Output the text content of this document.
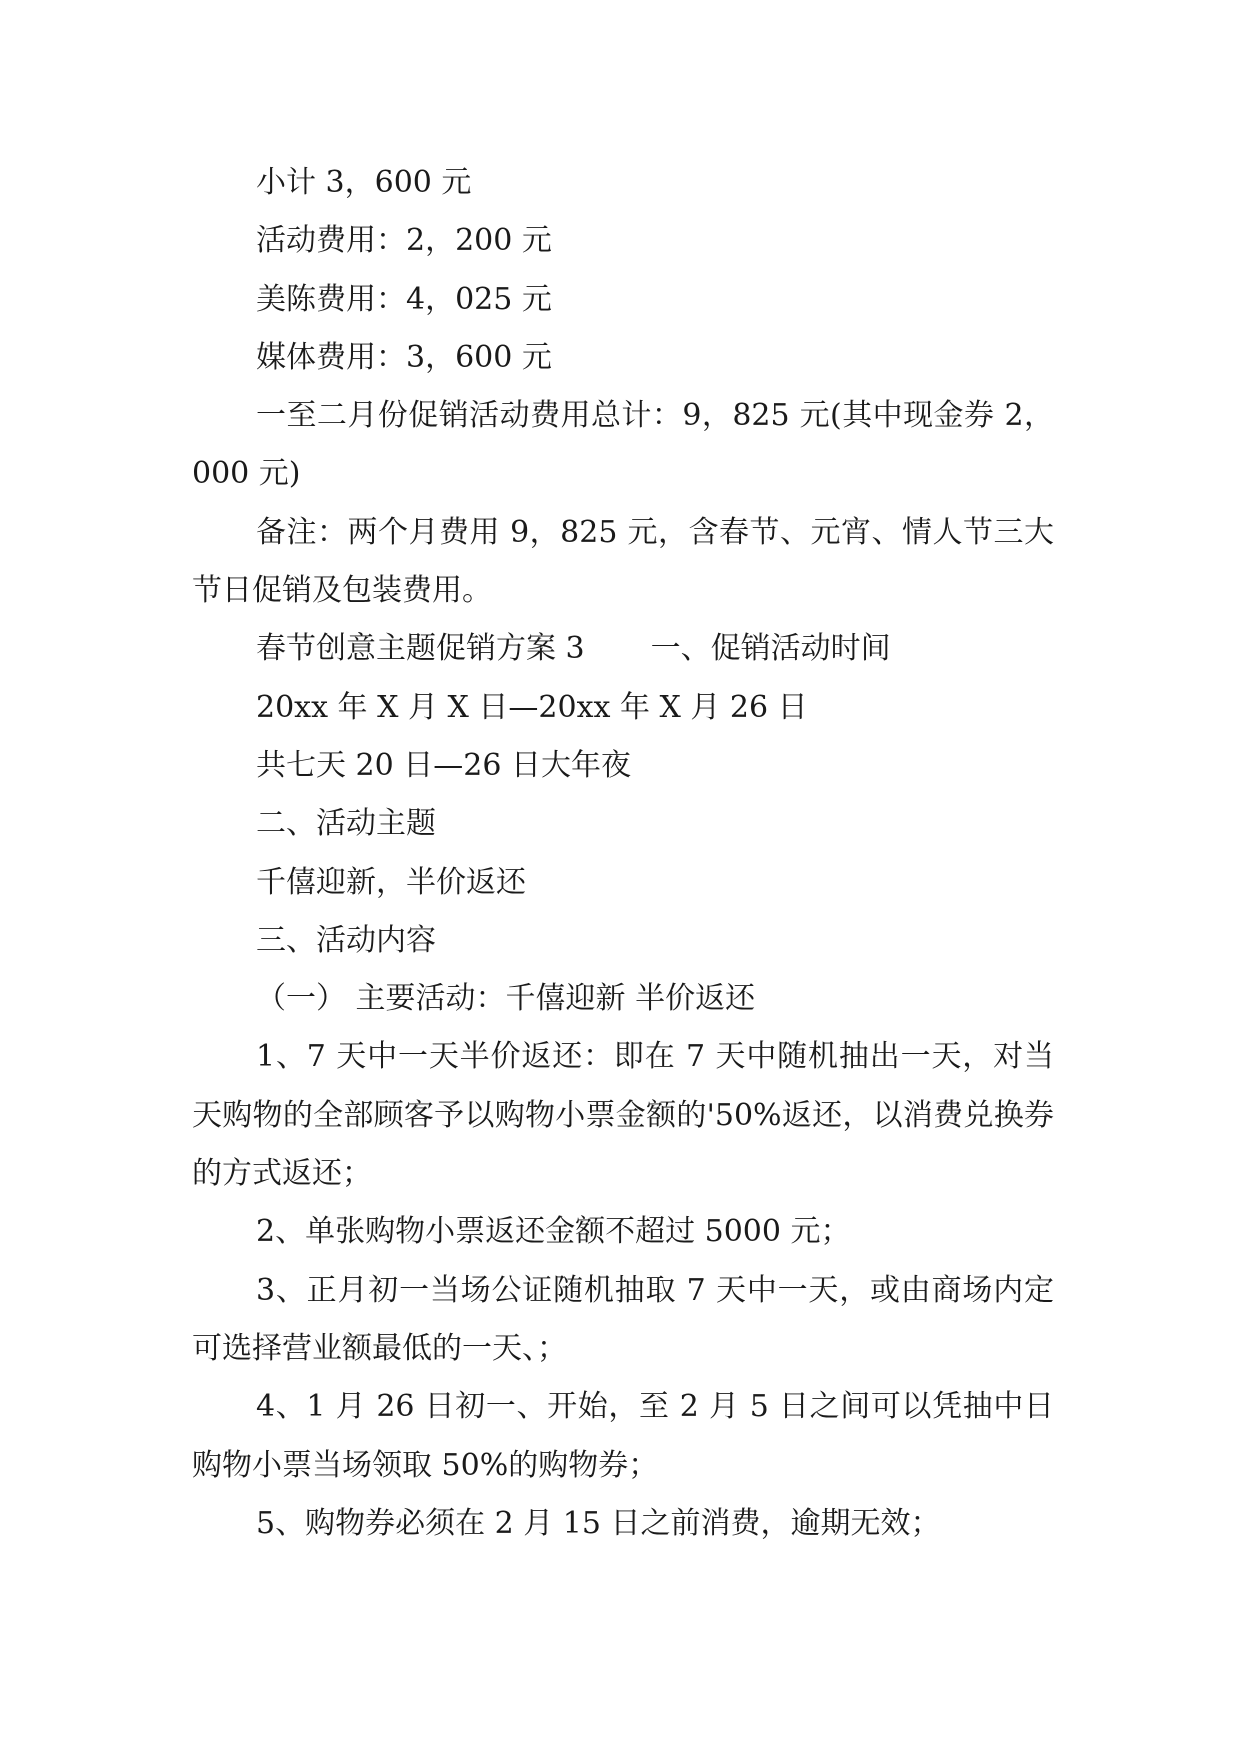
小计 3，600 元

活动费用：2，200 元

美陈费用：4，025 元

媒体费用：3，600 元

一至二月份促销活动费用总计：9，825 元(其中现金券 2，000 元)

备注：两个月费用 9，825 元，含春节、元宵、情人节三大节日促销及包装费用。

春节创意主题促销方案 3 一、促销活动时间

20xx 年 X 月 X 日—20xx 年 X 月 26 日

共七天 20 日—26 日大年夜

二、活动主题

千僖迎新，半价返还

三、活动内容

（一） 主要活动：千僖迎新 半价返还

1、7 天中一天半价返还：即在 7 天中随机抽出一天，对当天购物的全部顾客予以购物小票金额的'50%返还，以消费兑换券的方式返还；

2、单张购物小票返还金额不超过 5000 元；

3、正月初一当场公证随机抽取 7 天中一天，或由商场内定可选择营业额最低的一天、；

4、1 月 26 日初一、开始，至 2 月 5 日之间可以凭抽中日购物小票当场领取 50%的购物券；

5、购物券必须在 2 月 15 日之前消费，逾期无效；
